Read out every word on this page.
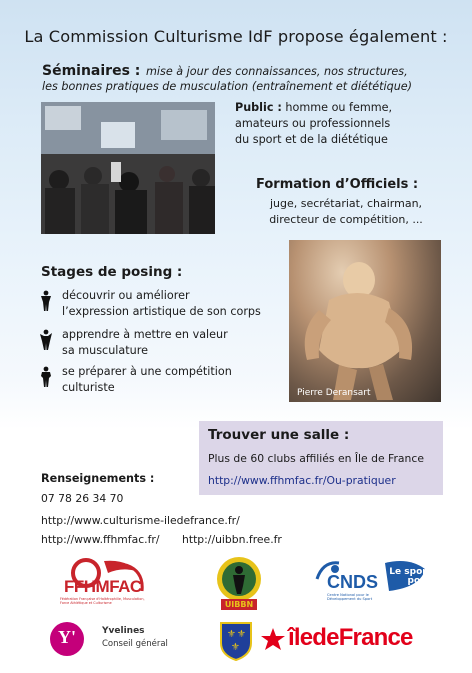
La Commission Culturisme IdF propose également :
Séminaires : mise à jour des connaissances, nos structures,
les bonnes pratiques de musculation (entraînement et diététique)
Public : homme ou femme,
amateurs ou professionnels
du sport et de la diététique
Formation d’Officiels :
juge, secrétariat, chairman,
directeur de compétition, ...
Stages de posing :
découvrir ou améliorer
l’expression artistique de son corps
apprendre à mettre en valeur
sa musculature
se préparer à une compétition
culturiste	Pierre Deransart
Trouver une salle :
Plus de 60 clubs affiliés en Île de France
http://www.ffhmfac.fr/Ou-pratiquer
Renseignements :
07 78 26 34 70
http://www.culturisme-iledefrance.fr/
http://www.ffhmfac.fr/ http://uibbn.free.fr
FFHMFAC
Fédération Française d'Haltérophilie, Musculation, Force Athlétique et Culturisme	UIBBN
CNDS
Centre National pour le Développement du Sport
Le sport
pour tous
Y'	Yvelines
Conseil général
⚜ ⚜
⚜ îledeFrance
